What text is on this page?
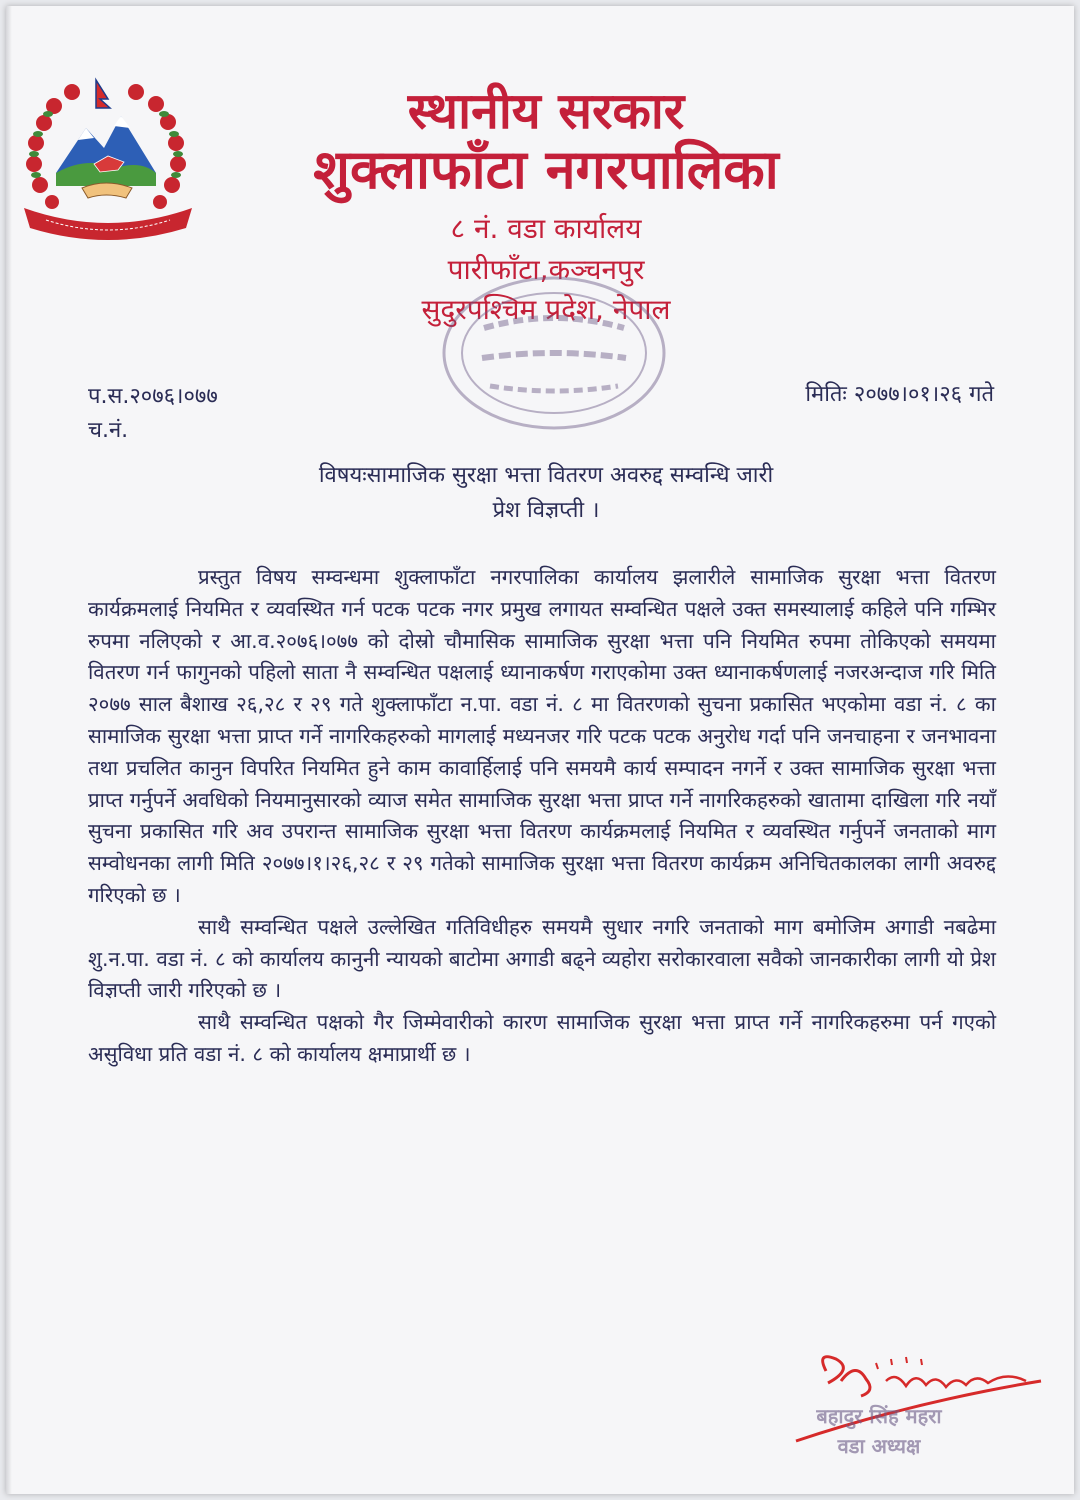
स्थानीय सरकार

शुक्लाफाँटा नगरपालिका

८ नं. वडा कार्यालय

पारीफाँटा,कञ्चनपुर

सुदुरपश्चिम प्रदेश, नेपाल

प.स.२०७६।०७७
च.नं.
मितिः २०७७।०१।२६ गते
विषयःसामाजिक सुरक्षा भत्ता वितरण अवरुद्द सम्वन्धि जारी
प्रेश विज्ञप्ती ।

प्रस्तुत विषय सम्वन्धमा शुक्लाफाँटा नगरपालिका कार्यालय झलारीले सामाजिक सुरक्षा भत्ता वितरण कार्यक्रमलाई नियमित र व्यवस्थित गर्न पटक पटक नगर प्रमुख लगायत सम्वन्धित पक्षले उक्त समस्यालाई कहिले पनि गम्भिर रुपमा नलिएको र आ.व.२०७६।०७७ को दोस्रो चौमासिक सामाजिक सुरक्षा भत्ता पनि नियमित रुपमा तोकिएको समयमा वितरण गर्न फागुनको पहिलो साता नै सम्वन्धित पक्षलाई ध्यानाकर्षण गराएकोमा उक्त ध्यानाकर्षणलाई नजरअन्दाज गरि मिति २०७७ साल बैशाख २६,२८ र २९ गते शुक्लाफाँटा न.पा. वडा नं. ८ मा वितरणको सुचना प्रकासित भएकोमा वडा नं. ८ का सामाजिक सुरक्षा भत्ता प्राप्त गर्ने नागरिकहरुको मागलाई मध्यनजर गरि पटक पटक अनुरोध गर्दा पनि जनचाहना र जनभावना तथा प्रचलित कानुन विपरित नियमित हुने काम कावार्हिलाई पनि समयमै कार्य सम्पादन नगर्ने र उक्त सामाजिक सुरक्षा भत्ता प्राप्त गर्नुपर्ने अवधिको नियमानुसारको व्याज समेत सामाजिक सुरक्षा भत्ता प्राप्त गर्ने नागरिकहरुको खातामा दाखिला गरि नयाँ सुचना प्रकासित गरि अव उपरान्त सामाजिक सुरक्षा भत्ता वितरण कार्यक्रमलाई नियमित र व्यवस्थित गर्नुपर्ने जनताको माग सम्वोधनका लागी मिति २०७७।१।२६,२८ र २९ गतेको सामाजिक सुरक्षा भत्ता वितरण कार्यक्रम अनिचितकालका लागी अवरुद्द गरिएको छ ।

साथै सम्वन्धित पक्षले उल्लेखित गतिविधीहरु समयमै सुधार नगरि जनताको माग बमोजिम अगाडी नबढेमा शु.न.पा. वडा नं. ८ को कार्यालय कानुनी न्यायको बाटोमा अगाडी बढ्ने व्यहोरा सरोकारवाला सवैको जानकारीका लागी यो प्रेश विज्ञप्ती जारी गरिएको छ ।

साथै सम्वन्धित पक्षको गैर जिम्मेवारीको कारण सामाजिक सुरक्षा भत्ता प्राप्त गर्ने नागरिकहरुमा पर्न गएको असुविधा प्रति वडा नं. ८ को कार्यालय क्षमाप्रार्थी छ ।

बहादुर सिंह महरा
वडा अध्यक्ष
